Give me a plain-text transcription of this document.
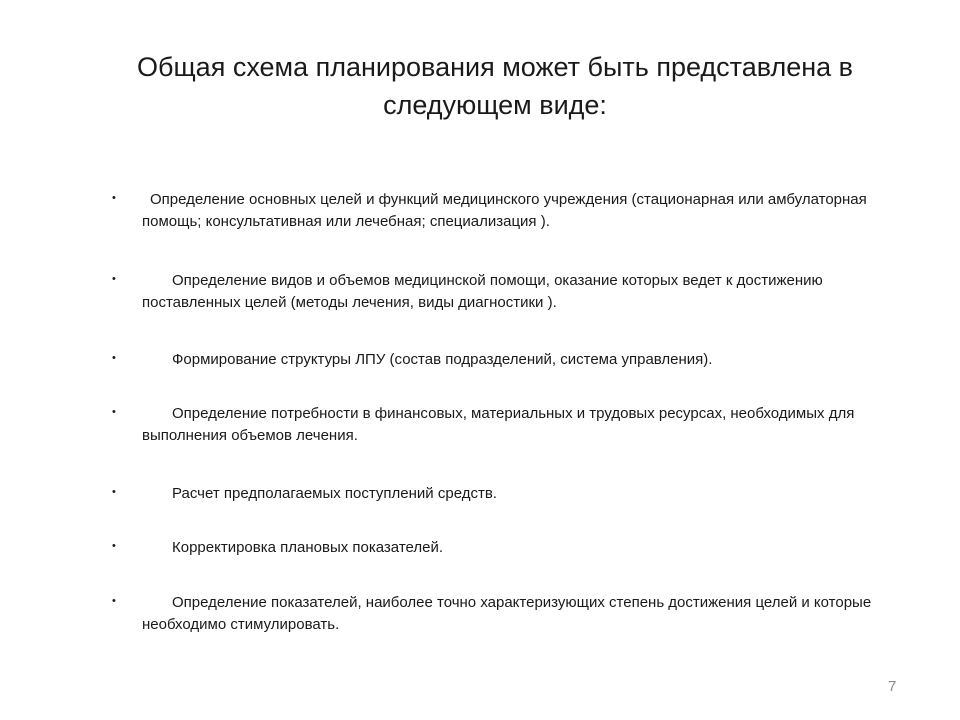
Общая схема планирования может быть представлена в следующем виде:
•	Определение основных целей и функций медицинского учреждения (стационарная или амбулаторная помощь; консультативная или лечебная; специализация ).
•	Определение видов и объемов медицинской помощи, оказание которых ведет к достижению поставленных целей (методы лечения, виды диагностики ).
•	Формирование структуры ЛПУ (состав подразделений, система управления).
•	Определение потребности в финансовых, материальных и трудовых ресурсах, необходимых для выполнения объемов лечения.
•	Расчет предполагаемых поступлений средств.
•	Корректировка плановых показателей.
•	Определение показателей, наиболее точно характеризующих степень достижения целей и которые необходимо стимулировать.
7
